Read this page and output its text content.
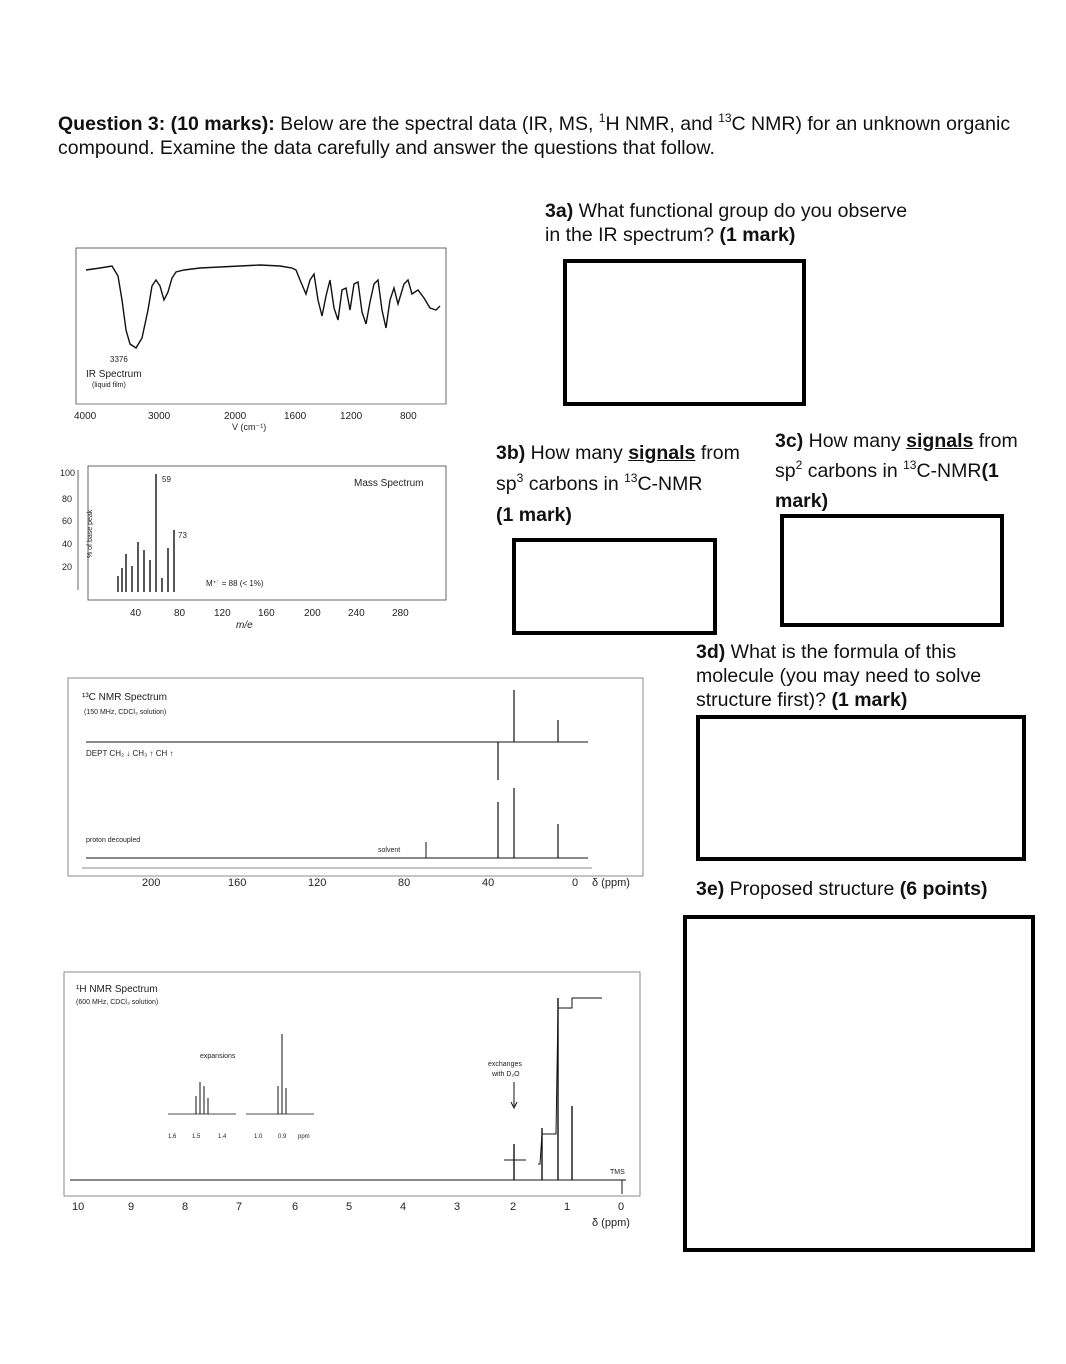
Question 3: (10 marks): Below are the spectral data (IR, MS, $^1$H NMR, and $^{13}$C NMR) for an unknown organic compound. Examine the data carefully and answer the questions that follow.
3a) What functional group do you observe in the IR spectrum? (1 mark)
3b) How many signals from $sp^3$ carbons in $^{13}$C-NMR
(1 mark)
3c) How many signals from $sp^2$ carbons in $^{13}$C-NMR(1 mark)
3d) What is the formula of this molecule (you may need to solve structure first)? (1 mark)
3e) Proposed structure (6 points)
3376
IR Spectrum
(liquid film)
4000	3000	2000	1600	1200	800
V (cm⁻¹)
100
80
60
40
20
% of base peak
59
73
M⁺˙ = 88 (< 1%)
Mass Spectrum
40	80	120	160	200	240	280
m/e
¹³C NMR Spectrum
(150 MHz, CDCl₃ solution)
DEPT CH₂ ↓ CH₃ ↑ CH ↑
proton decoupled
solvent
200	160	120	80	40	0 δ (ppm)
¹H NMR Spectrum
(600 MHz, CDCl₃ solution)
expansions
1.6	1.5	1.4	1.0	0.9 ppm
exchanges
with D₂O
TMS
10	9	8	7	6	5	4	3	2	1	0
δ (ppm)
